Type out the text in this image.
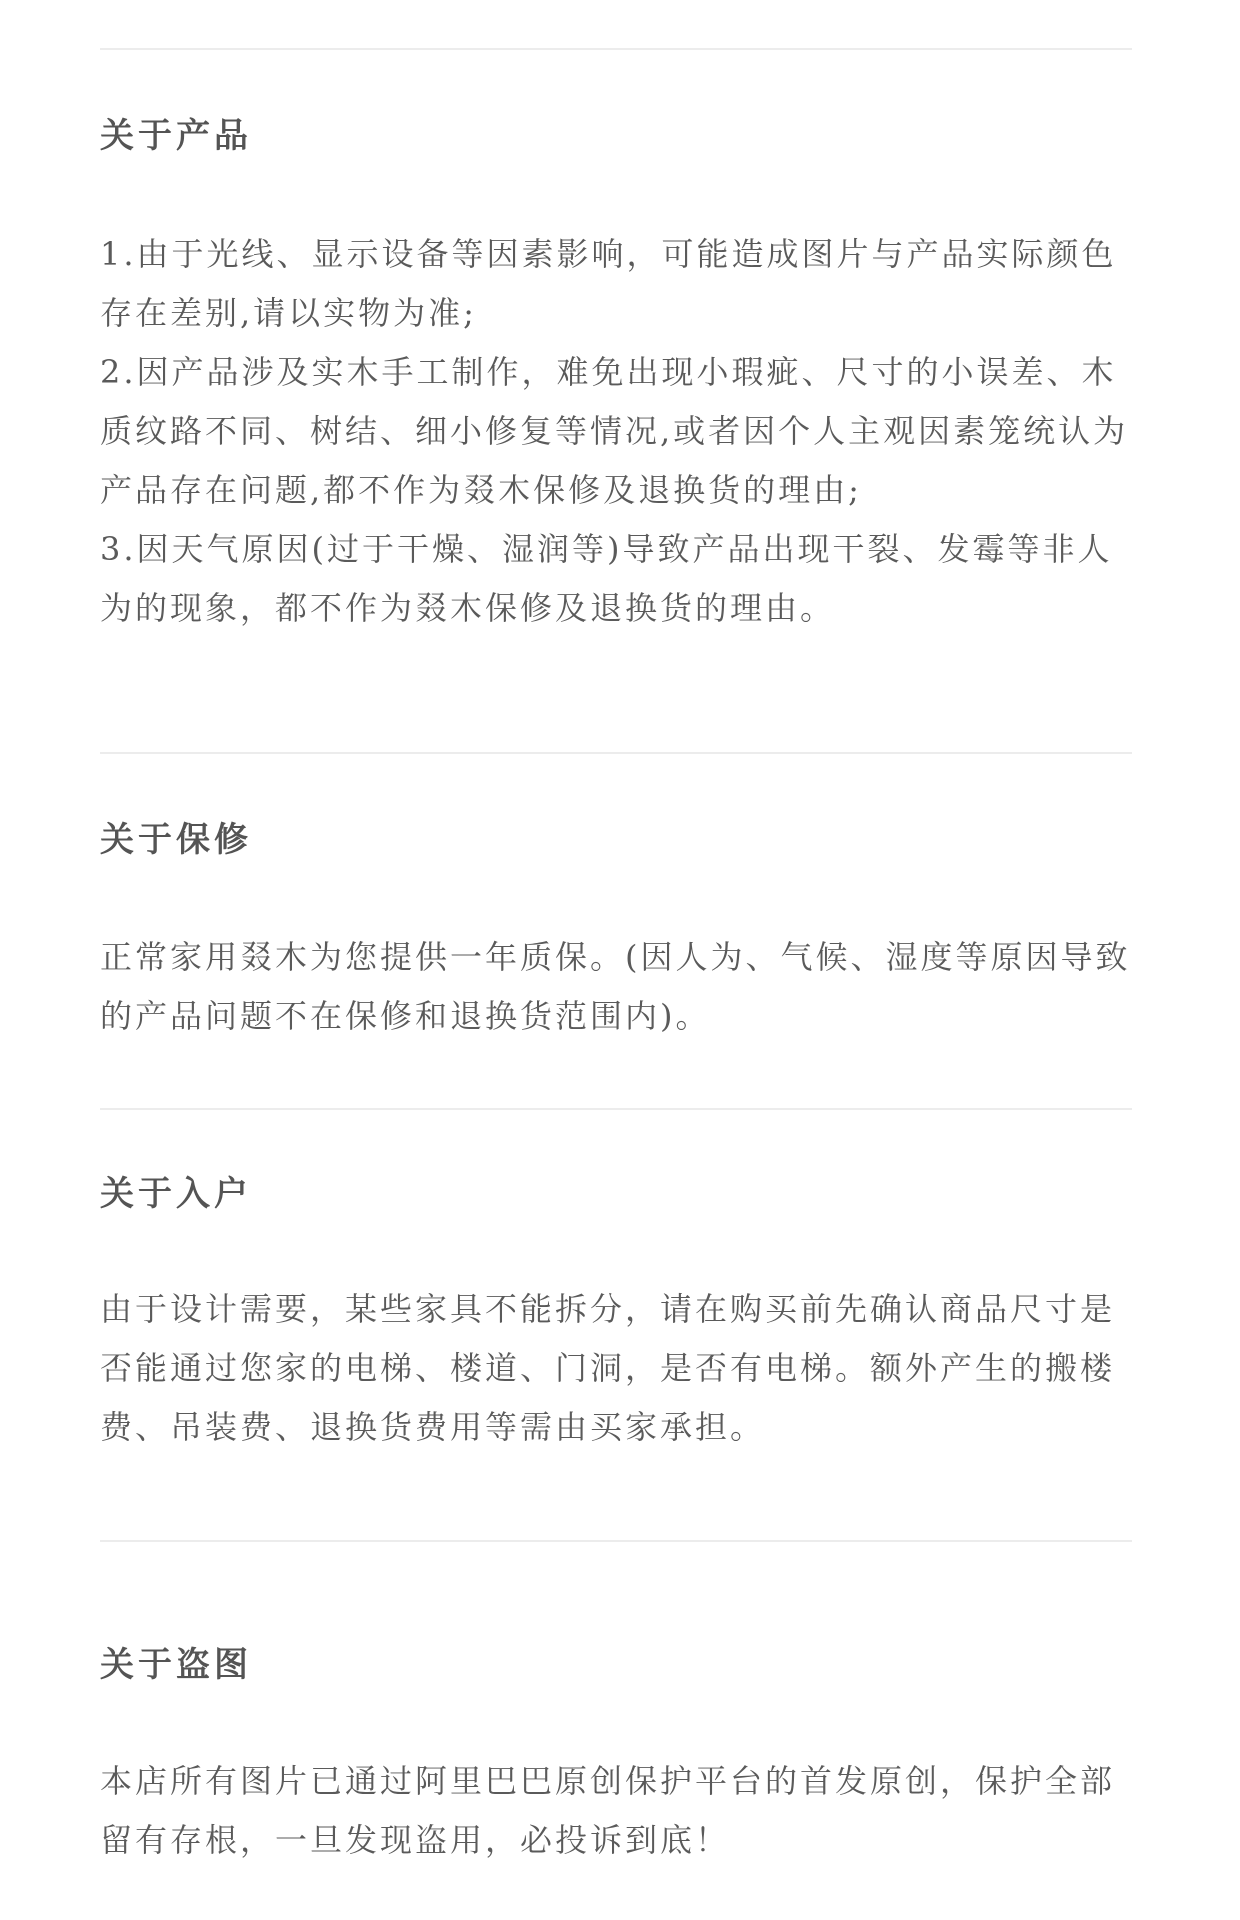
关于产品

1.由于光线、显示设备等因素影响，可能造成图片与产品实际颜色存在差别,请以实物为准;

2.因产品涉及实木手工制作，难免出现小瑕疵、尺寸的小误差、木质纹路不同、树结、细小修复等情况,或者因个人主观因素笼统认为产品存在问题,都不作为叕木保修及退换货的理由;

3.因天气原因(过于干燥、湿润等)导致产品出现干裂、发霉等非人为的现象，都不作为叕木保修及退换货的理由。

关于保修

正常家用叕木为您提供一年质保。(因人为、气候、湿度等原因导致的产品问题不在保修和退换货范围内)。

关于入户

由于设计需要，某些家具不能拆分，请在购买前先确认商品尺寸是否能通过您家的电梯、楼道、门洞，是否有电梯。额外产生的搬楼费、吊装费、退换货费用等需由买家承担。

关于盗图

本店所有图片已通过阿里巴巴原创保护平台的首发原创，保护全部留有存根，一旦发现盗用，必投诉到底！
